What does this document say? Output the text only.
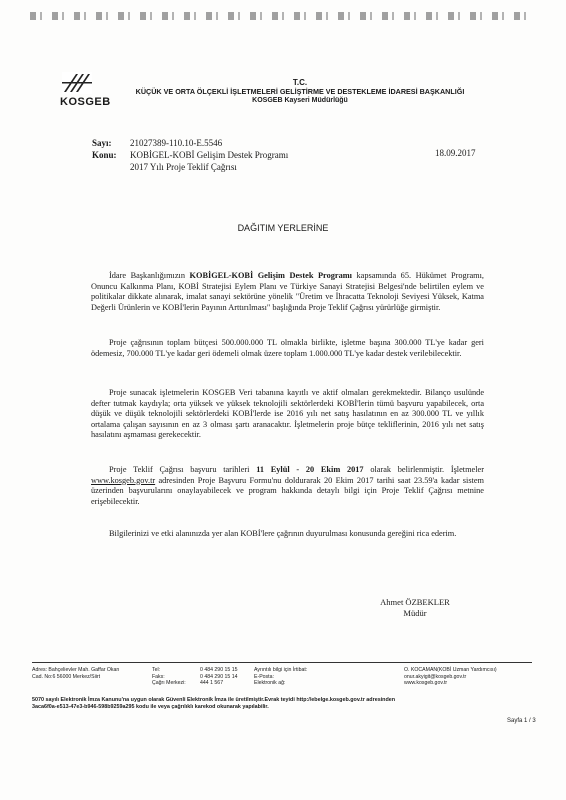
KOSGEB
T.C.
KÜÇÜK VE ORTA ÖLÇEKLİ İŞLETMELERİ GELİŞTİRME VE DESTEKLEME İDARESİ BAŞKANLIĞI
KOSGEB Kayseri Müdürlüğü
Sayı: 21027389-110.10-E.5546
Konu: KOBİGEL-KOBİ Gelişim Destek Programı 2017 Yılı Proje Teklif Çağrısı
18.09.2017
DAĞITIM YERLERİNE
İdare Başkanlığımızın KOBİGEL-KOBİ Gelişim Destek Programı kapsamında 65. Hükümet Programı, Onuncu Kalkınma Planı, KOBİ Stratejisi Eylem Planı ve Türkiye Sanayi Stratejisi Belgesi'nde belirtilen eylem ve politikalar dikkate alınarak, imalat sanayi sektörüne yönelik "Üretim ve İhracatta Teknoloji Seviyesi Yüksek, Katma Değerli Ürünlerin ve KOBİ'lerin Payının Arttırılması" başlığında Proje Teklif Çağrısı yürürlüğe girmiştir.
Proje çağrısının toplam bütçesi 500.000.000 TL olmakla birlikte, işletme başına 300.000 TL'ye kadar geri ödemesiz, 700.000 TL'ye kadar geri ödemeli olmak üzere toplam 1.000.000 TL'ye kadar destek verilebilecektir.
Proje sunacak işletmelerin KOSGEB Veri tabanına kayıtlı ve aktif olmaları gerekmektedir. Bilanço usulünde defter tutmak kaydıyla; orta yüksek ve yüksek teknolojili sektörlerdeki KOBİ'lerin tümü başvuru yapabilecek, orta düşük ve düşük teknolojili sektörlerdeki KOBİ'lerde ise 2016 yılı net satış hasılatının en az 300.000 TL ve yıllık ortalama çalışan sayısının en az 3 olması şartı aranacaktır. İşletmelerin proje bütçe tekliflerinin, 2016 yılı net satış hasılatını aşmaması gerekecektir.
Proje Teklif Çağrısı başvuru tarihleri 11 Eylül - 20 Ekim 2017 olarak belirlenmiştir. İşletmeler www.kosgeb.gov.tr adresinden Proje Başvuru Formu'nu doldurarak 20 Ekim 2017 tarihi saat 23.59'a kadar sistem üzerinden başvurularını onaylayabilecek ve program hakkında detaylı bilgi için Proje Teklif Çağrısı metnine erişebilecektir.
Bilgilerinizi ve etki alanınızda yer alan KOBİ'lere çağrının duyurulması konusunda gereğini rica ederim.
Ahmet ÖZBEKLER
Müdür
Adres: Bahçelievler Mah. Gaffar Okan
Cad. No:6 56000 Merkez/Siirt
Tel:
Faks:
Çağrı Merkezi:
0 484 290 15 15
0 484 290 15 14
444 1 567
Ayrıntılı bilgi için İrtibat:
E-Posta:
Elektronik ağ:
O. KOCAMAN(KOBİ Uzman Yardımcısı)
onur.akyigit@kosgeb.gov.tr
www.kosgeb.gov.tr
5070 sayılı Elektronik İmza Kanunu'na uygun olarak Güvenli Elektronik İmza ile üretilmiştir.Evrak teyidi http://ebelge.kosgeb.gov.tr adresinden
3aca6f0a-e513-47e3-b946-598b9259a295 kodu ile veya çağrılıklı karekod okunarak yapılabilir.
Sayfa 1 / 3
